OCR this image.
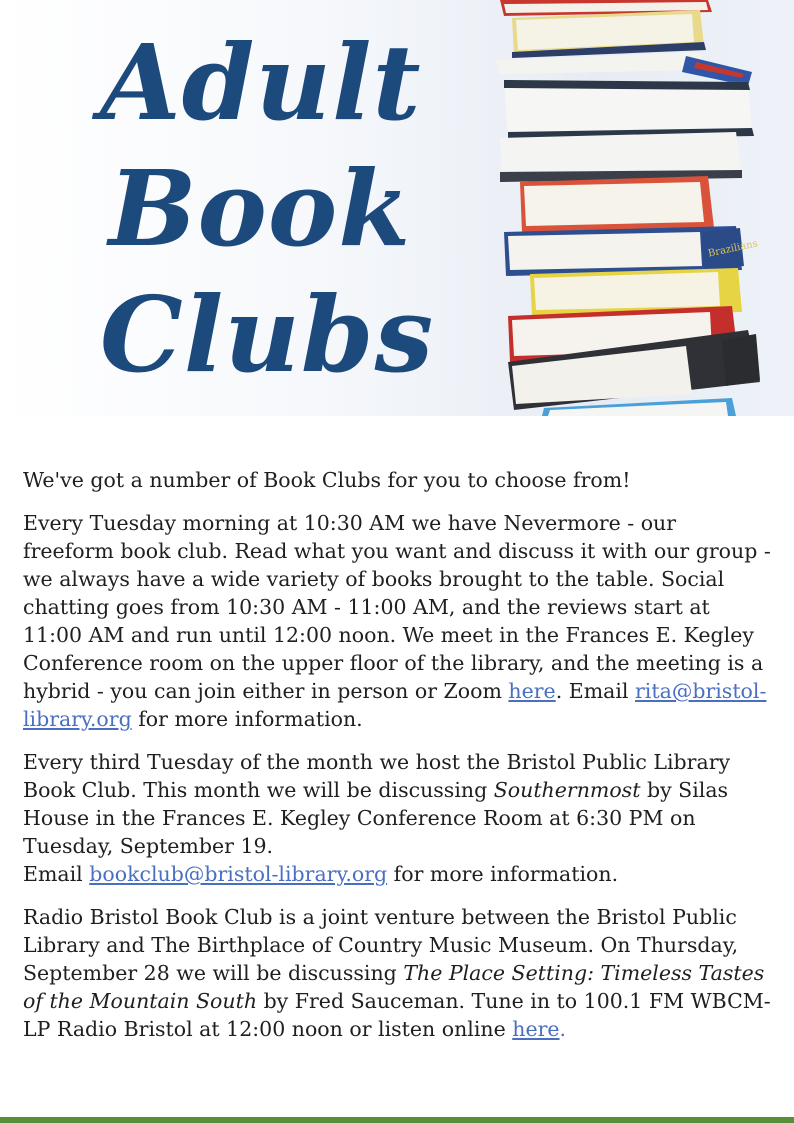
Adult
Book
Clubs
Brazilians

We've got a number of Book Clubs for you to choose from!

Every Tuesday morning at 10:30 AM we have Nevermore - our freeform book club. Read what you want and discuss it with our group - we always have a wide variety of books brought to the table. Social chatting goes from 10:30 AM - 11:00 AM, and the reviews start at 11:00 AM and run until 12:00 noon. We meet in the Frances E. Kegley Conference room on the upper floor of the library, and the meeting is a hybrid - you can join either in person or Zoom here. Email rita@bristol-library.org for more information.

Every third Tuesday of the month we host the Bristol Public Library Book Club. This month we will be discussing Southernmost by Silas House in the Frances E. Kegley Conference Room at 6:30 PM on Tuesday, September 19.
Email bookclub@bristol-library.org for more information.

Radio Bristol Book Club is a joint venture between the Bristol Public Library and The Birthplace of Country Music Museum. On Thursday, September 28 we will be discussing The Place Setting: Timeless Tastes of the Mountain South by Fred Sauceman. Tune in to 100.1 FM WBCM-LP Radio Bristol at 12:00 noon or listen online here.
